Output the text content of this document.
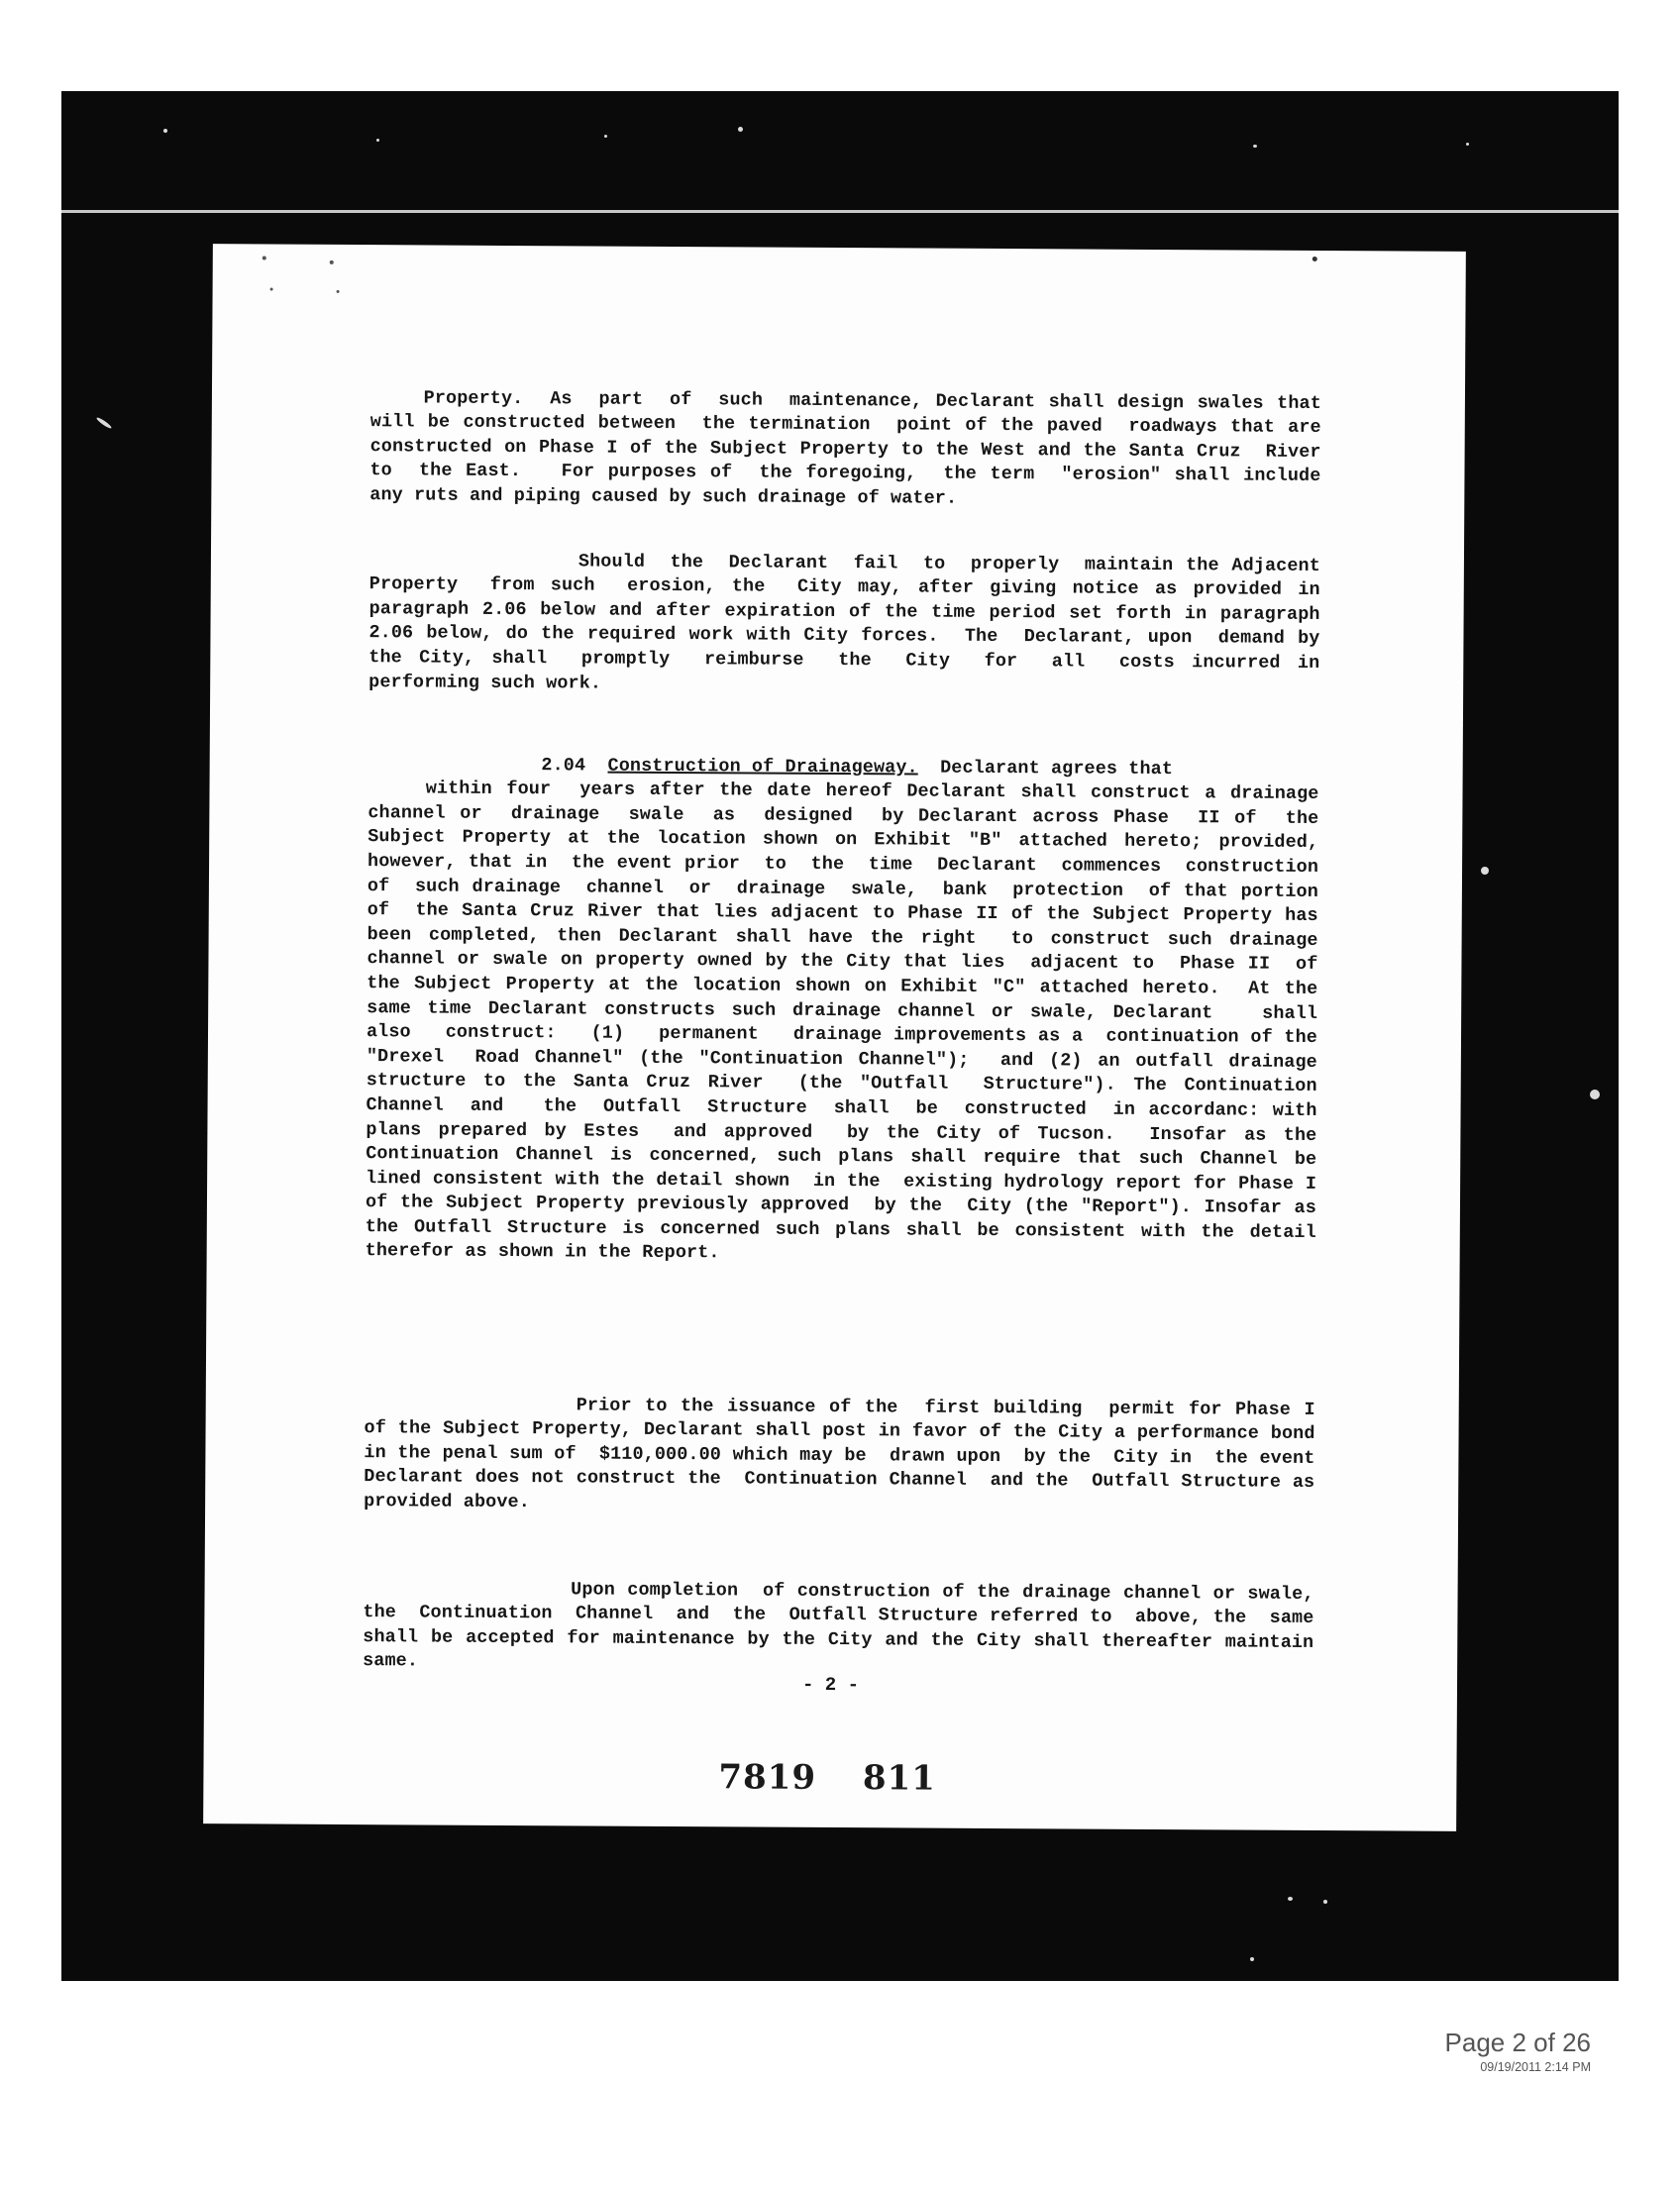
Property.  As  part  of  such  maintenance, Declarant shall design swales that will be constructed between  the termination  point of the paved  roadways that are constructed on Phase I of the Subject Property to the West and the Santa Cruz  River to  the East.   For purposes of  the foregoing,  the term  "erosion" shall include any ruts and piping caused by such drainage of water.

Should  the  Declarant  fail  to  properly  maintain the Adjacent Property  from such  erosion, the  City may, after giving notice as provided in paragraph 2.06 below and after expiration of the time period set forth in paragraph 2.06 below, do the required work with City forces.  The  Declarant, upon  demand by  the City, shall  promptly  reimburse  the  City  for  all  costs incurred in performing such work.

2.04 Construction of Drainageway. Declarant agrees that
within four  years after the date hereof Declarant shall construct a drainage channel or  drainage  swale  as  designed  by Declarant across Phase  II of  the Subject Property at the location shown on Exhibit "B" attached hereto; provided, however, that in  the event prior  to  the  time  Declarant  commences  construction  of  such drainage  channel  or  drainage  swale,  bank  protection  of that portion of  the Santa Cruz River that lies adjacent to Phase II of the Subject Property has been completed, then Declarant shall have the right  to construct such drainage channel or swale on property owned by the City that lies  adjacent to  Phase II  of the Subject Property at the location shown on Exhibit "C" attached hereto.  At the same time Declarant constructs such drainage channel or swale, Declarant   shall   also   construct:   (1)   permanent   drainage improvements as a  continuation of the "Drexel  Road Channel" (the "Continuation Channel");  and (2) an outfall drainage structure to the Santa Cruz River  (the "Outfall  Structure"). The Continuation Channel  and   the  Outfall  Structure  shall  be  constructed  in accordanc: with plans prepared by Estes  and approved  by the City of Tucson.  Insofar as the Continuation Channel is concerned, such plans shall require that such Channel be lined consistent with the detail shown  in the  existing hydrology report for Phase I of the Subject Property previously approved  by the  City (the "Report"). Insofar as  the Outfall Structure is concerned such plans shall be consistent with the detail therefor as shown in the Report.

Prior to the issuance of the  first building  permit for Phase I  of the Subject Property, Declarant shall post in favor of the City a performance bond in the penal sum of  $110,000.00 which may be  drawn upon  by the  City in  the event  Declarant does not construct the  Continuation Channel  and the  Outfall Structure as provided above.

Upon completion  of construction of the drainage channel or swale,  the  Continuation  Channel  and  the  Outfall Structure referred to  above, the  same shall be accepted for maintenance by the City and the City shall thereafter maintain same.

- 2 -
7819 811
Page 2 of 26
09/19/2011 2:14 PM
